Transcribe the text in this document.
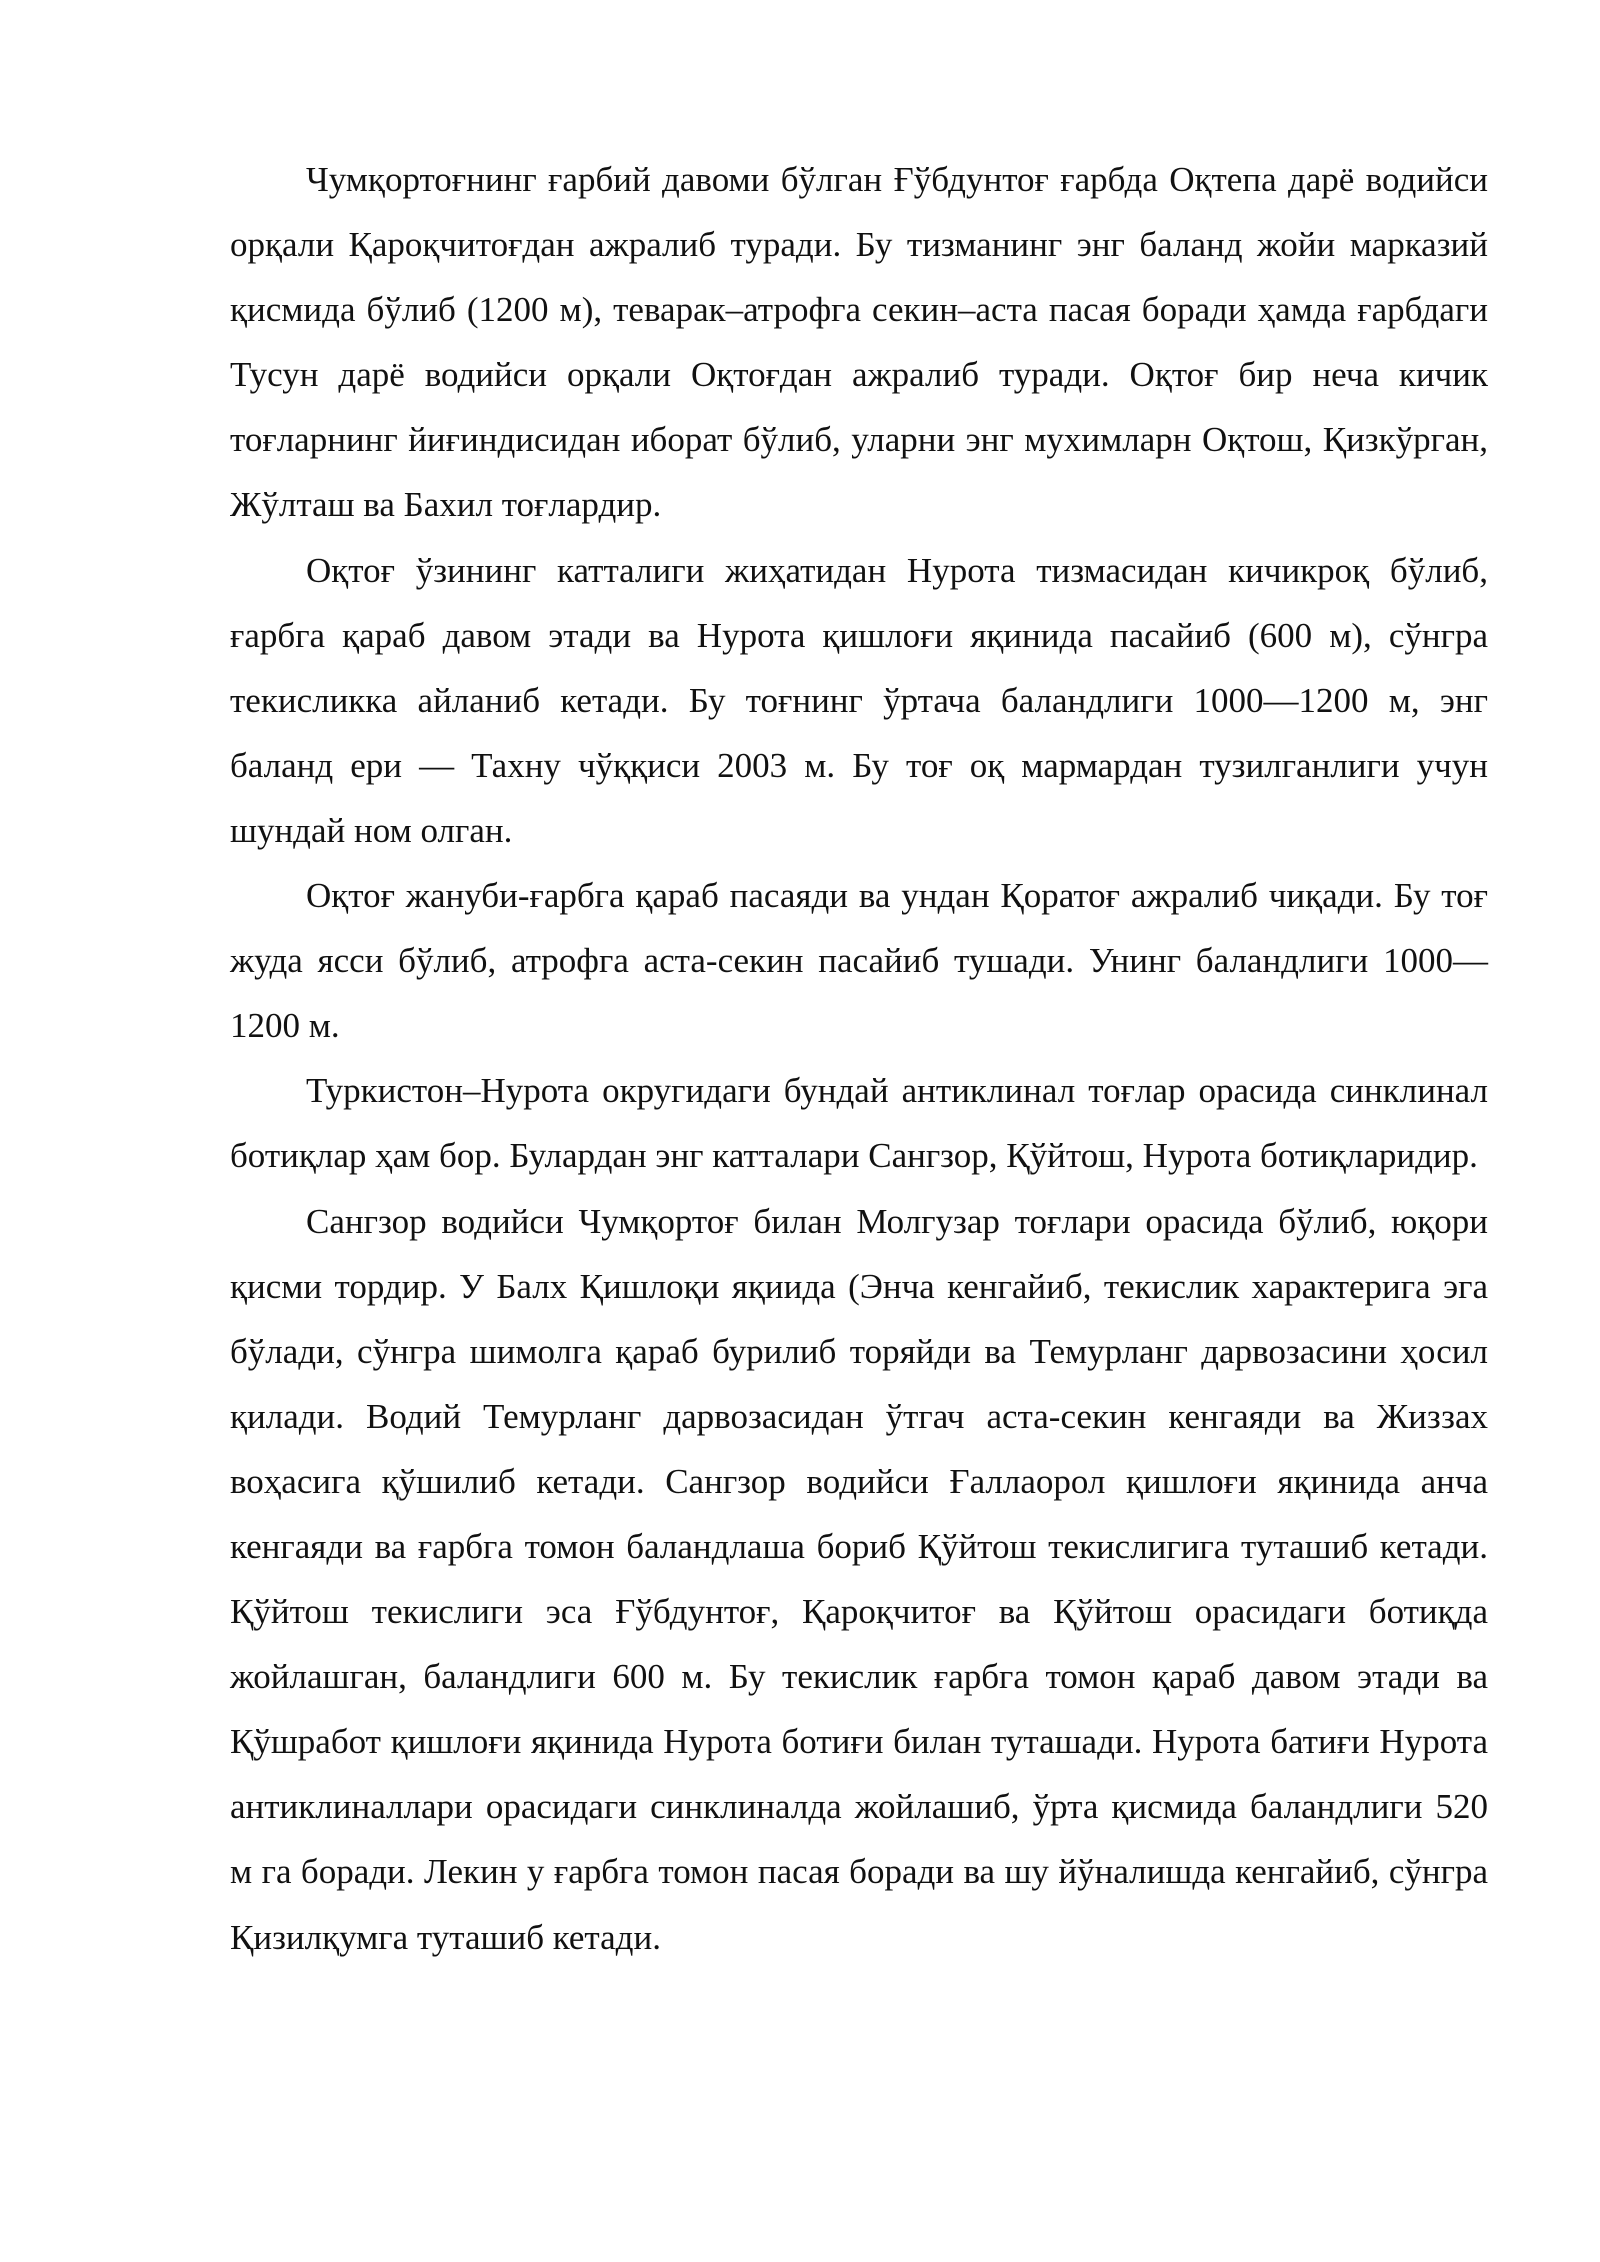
Чумқортоғнинг ғарбий давоми бўлган Ғўбдунтоғ ғарбда Оқтепа дарё водийси орқали Қароқчитоғдан ажралиб туради. Бу тизманинг энг баланд жойи марказий қисмида бўлиб (1200 м), теварак–атрофга секин–аста пасая боради ҳамда ғарбдаги Тусун дарё водийси орқали Оқтоғдан ажралиб туради. Оқтоғ бир неча кичик тоғларнинг йиғиндисидан иборат бўлиб, уларни энг мухимларн Оқтош, Қизкўрган, Жўлташ ва Бахил тоғлардир.

Оқтоғ ўзининг катталиги жиҳатидан Нурота тизмасидан кичикроқ бўлиб, ғарбга қараб давом этади ва Нурота қишлоғи яқинида пасайиб (600 м), сўнгра текисликка айланиб кетади. Бу тоғнинг ўртача баландлиги 1000—1200 м, энг баланд ери — Тахну чўққиси 2003 м. Бу тоғ оқ мармардан тузилганлиги учун шундай ном олган.

Оқтоғ жануби-ғарбга қараб пасаяди ва ундан Қоратоғ ажралиб чиқади. Бу тоғ жуда ясси бўлиб, атрофга аста-секин пасайиб тушади. Унинг баландлиги 1000—1200 м.

Туркистон–Нурота округидаги бундай антиклинал тоғлар орасида синклинал ботиқлар ҳам бор. Булардан энг катталари Сангзор, Қўйтош, Нурота ботиқларидир.

Сангзор водийси Чумқортоғ билан Молгузар тоғлари орасида бўлиб, юқори қисми тордир. У Балх Қишлоқи яқиида (Энча кенгайиб, текислик характерига эга бўлади, сўнгра шимолга қараб бурилиб торяйди ва Темурланг дарвозасини ҳосил қилади. Водий Темурланг дарвозасидан ўтгач аста-секин кенгаяди ва Жиззах воҳасига қўшилиб кетади. Сангзор водийси Ғаллаорол қишлоғи яқинида анча кенгаяди ва ғарбга томон баландлаша бориб Қўйтош текислигига туташиб кетади. Қўйтош текислиги эса Ғўбдунтоғ, Қароқчитоғ ва Қўйтош орасидаги ботиқда жойлашган, баландлиги 600 м. Бу текислик ғарбга томон қараб давом этади ва Қўшработ қишлоғи яқинида Нурота ботиғи билан туташади. Нурота батиғи Нурота антиклиналлари орасидаги синклиналда жойлашиб, ўрта қисмида баландлиги 520 м га боради. Лекин у ғарбга томон пасая боради ва шу йўналишда кенгайиб, сўнгра Қизилқумга туташиб кетади.
